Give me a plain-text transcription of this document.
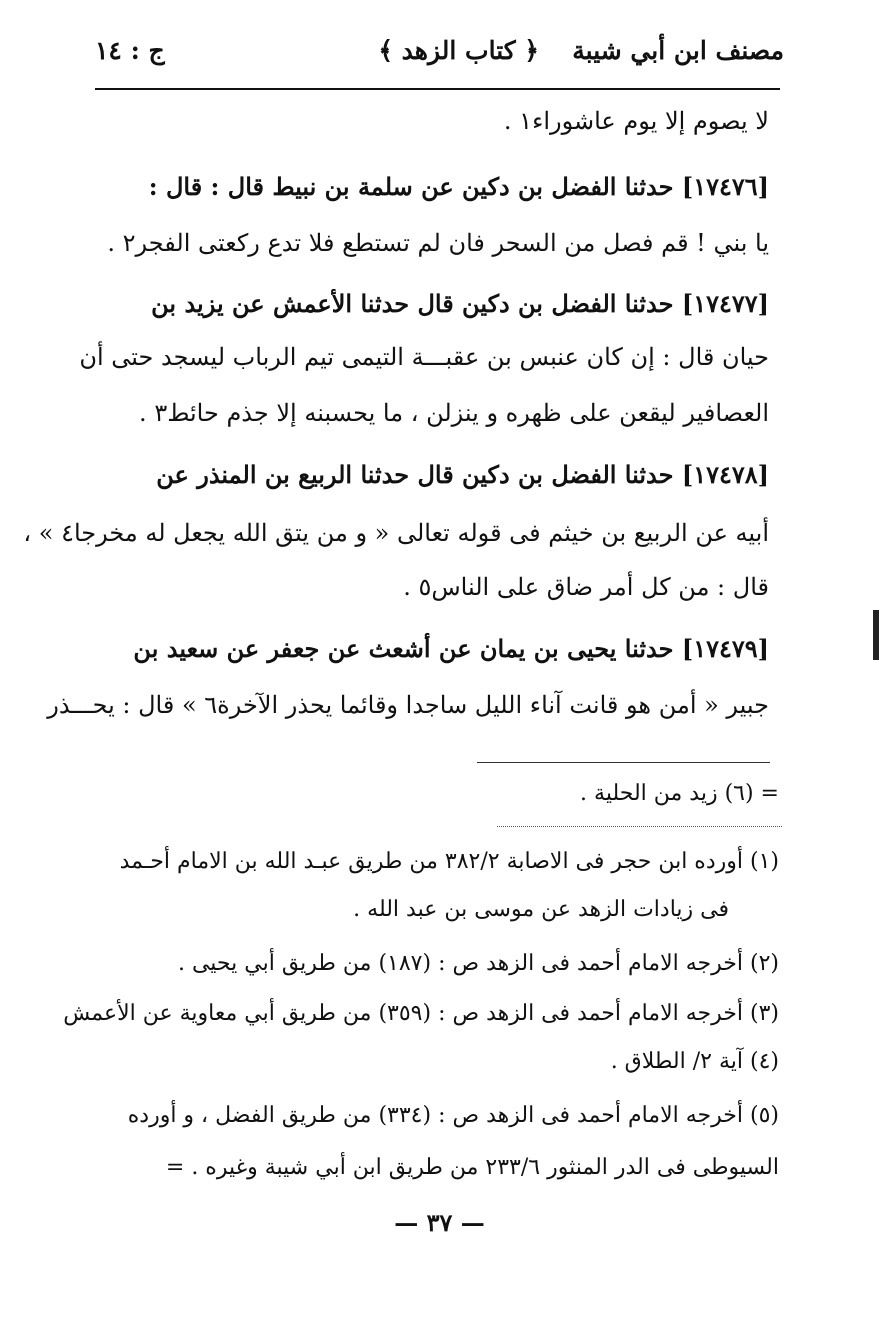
مصنف ابن أبي شيبة
﴿ كتاب الزهد ﴾
ج : ١٤
لا يصوم إلا يوم عاشوراء١ .
[١٧٤٧٦] حدثنا الفضل بن دكين عن سلمة بن نبيط قال : قال :
يا بني ! قم فصل من السحر فان لم تستطع فلا تدع ركعتى الفجر٢ .
[١٧٤٧٧] حدثنا الفضل بن دكين قال حدثنا الأعمش عن يزيد بن
حيان قال : إن كان عنبس بن عقبـــة التيمى تيم الرباب ليسجد حتى أن
العصافير ليقعن على ظهره و ينزلن ، ما يحسبنه إلا جذم حائط٣ .
[١٧٤٧٨] حدثنا الفضل بن دكين قال حدثنا الربيع بن المنذر عن
أبيه عن الربيع بن خيثم فى قوله تعالى « و من يتق الله يجعل له مخرجا٤ » ،
قال : من كل أمر ضاق على الناس٥ .
[١٧٤٧٩] حدثنا يحيى بن يمان عن أشعث عن جعفر عن سعيد بن
جبير « أمن هو قانت آناء الليل ساجدا وقائما يحذر الآخرة٦ » قال : يحـــذر
= (٦) زيد من الحلية .
(١) أورده ابن حجر فى الاصابة ٣٨٢/٢ من طريق عبـد الله بن الامام أحـمد
فى زيادات الزهد عن موسى بن عبد الله .
(٢) أخرجه الامام أحمد فى الزهد ص : (١٨٧) من طريق أبي يحيى .
(٣) أخرجه الامام أحمد فى الزهد ص : (٣٥٩) من طريق أبي معاوية عن الأعمش
(٤) آية ٢/ الطلاق .
(٥) أخرجه الامام أحمد فى الزهد ص : (٣٣٤) من طريق الفضل ، و أورده
السيوطى فى الدر المنثور ٢٣٣/٦ من طريق ابن أبي شيبة وغيره . =
— ٣٧ —
